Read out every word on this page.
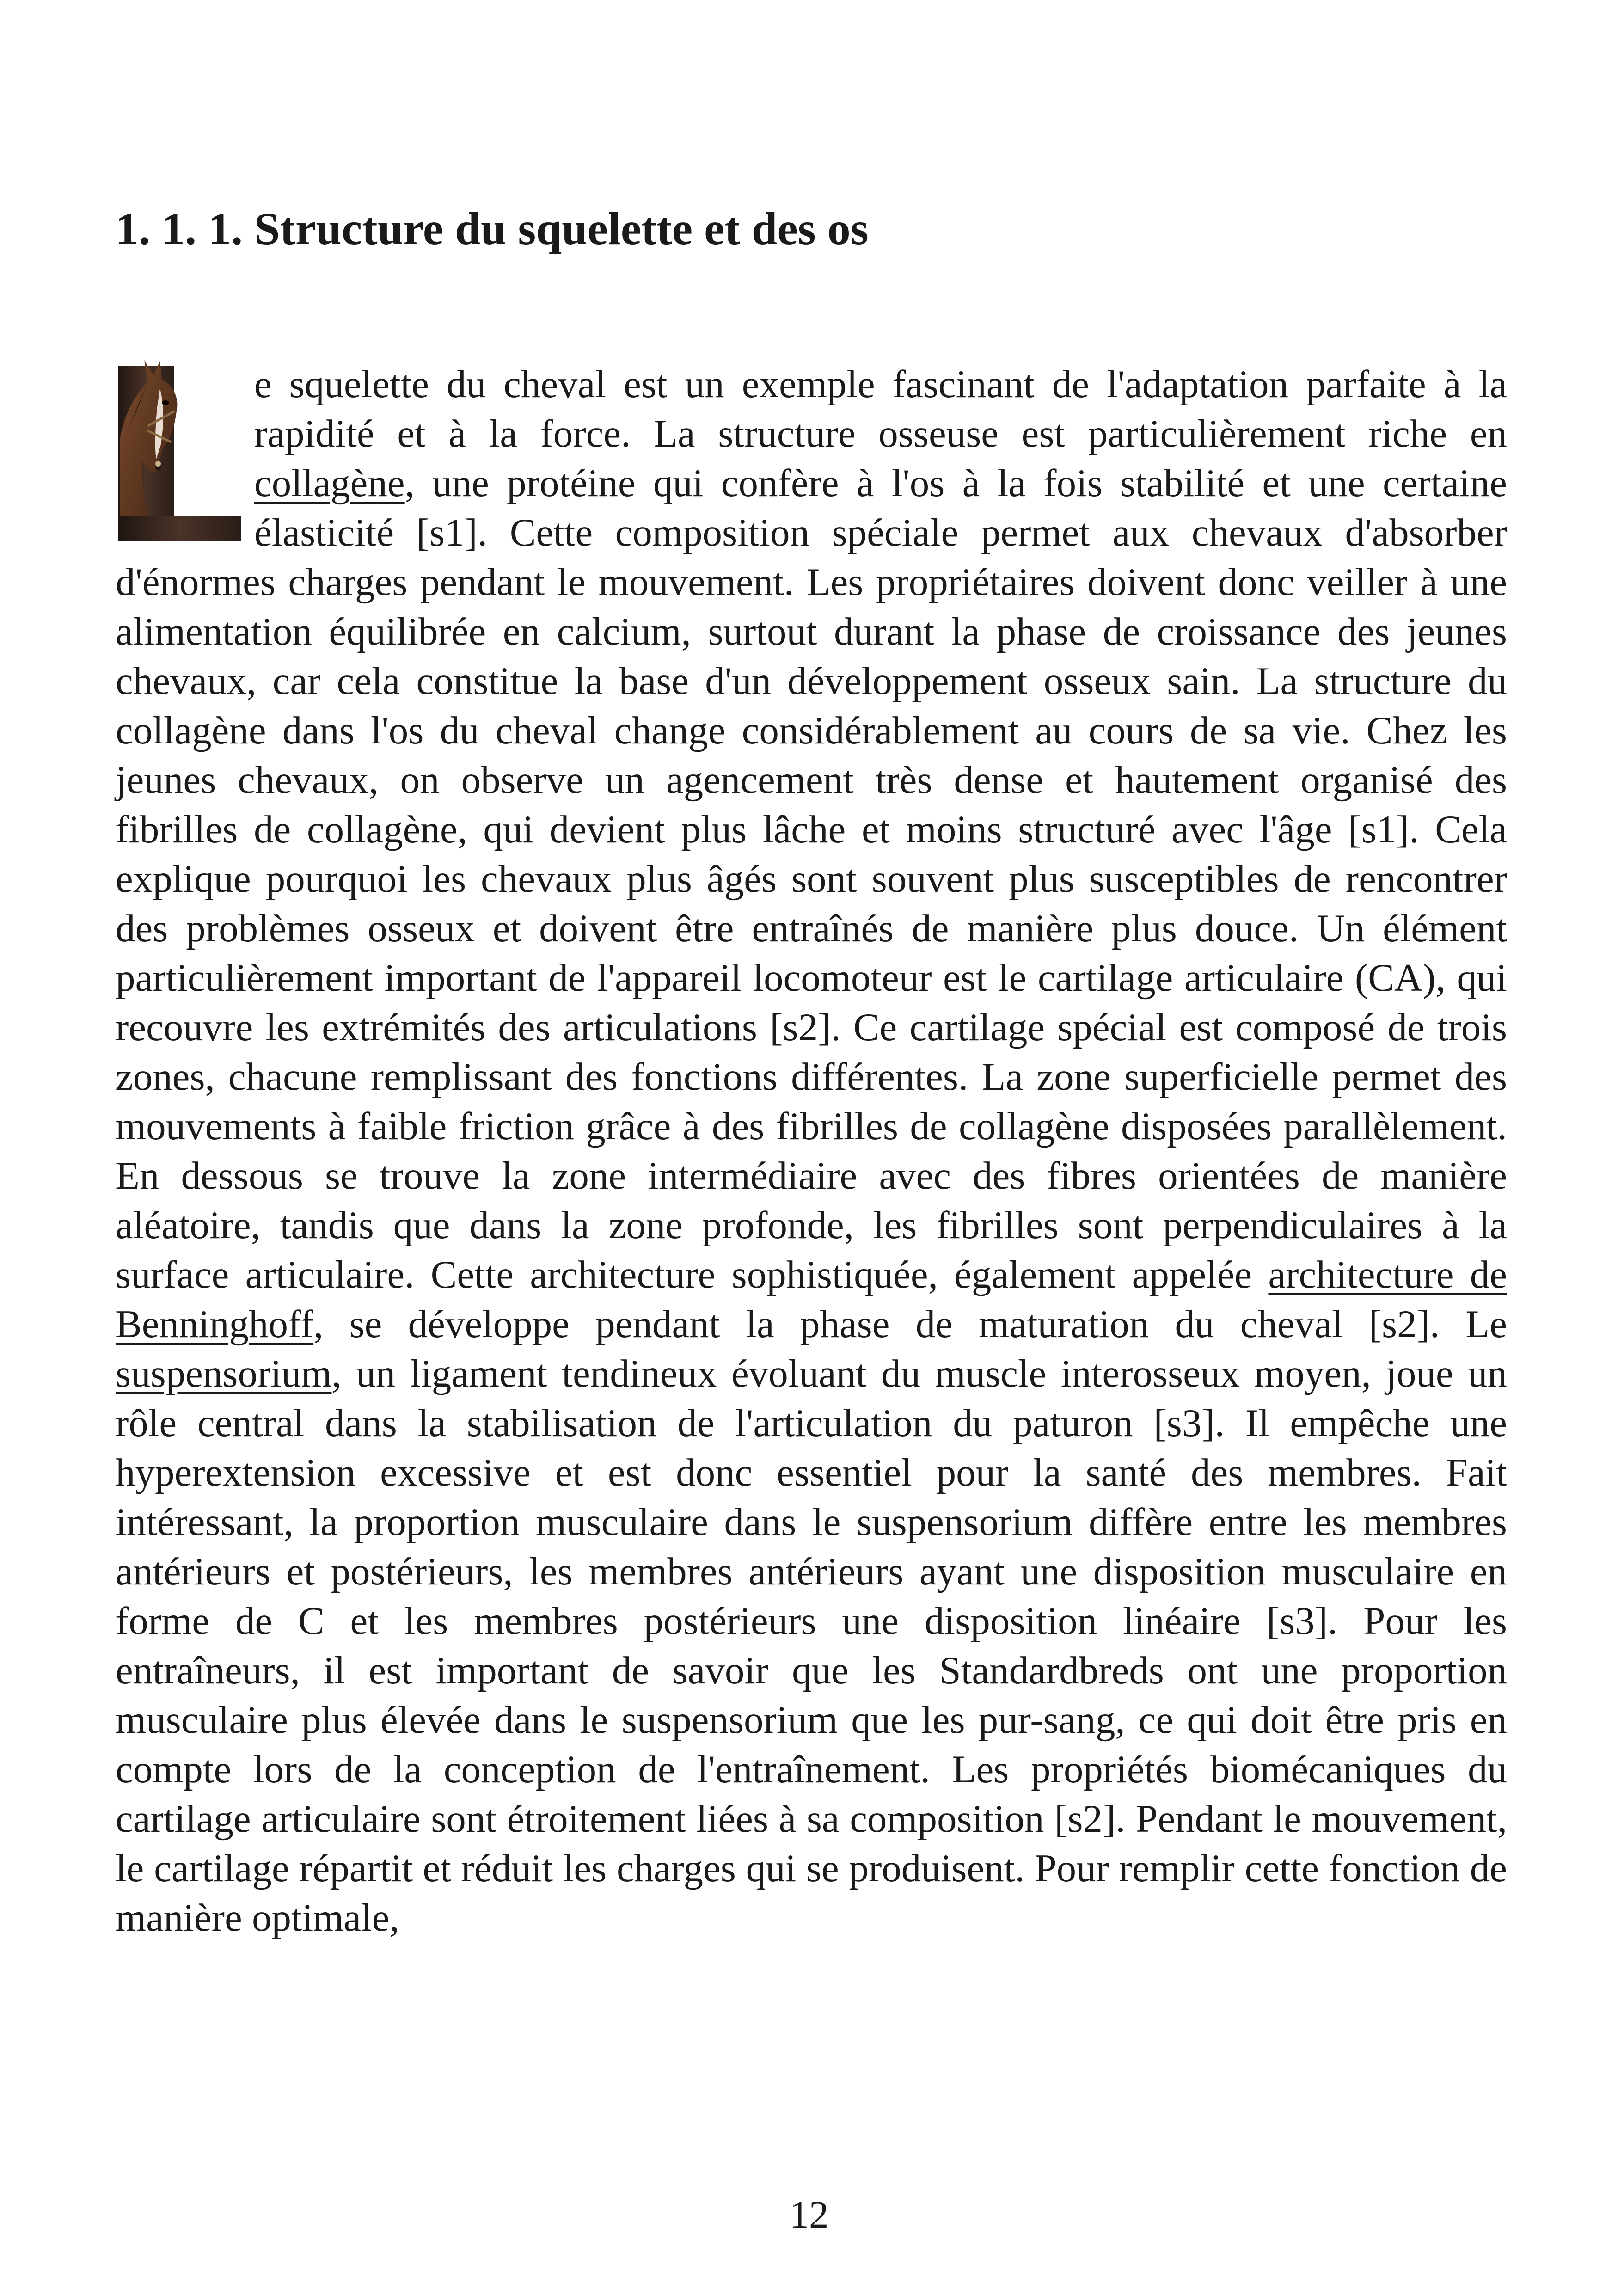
1. 1. 1. Structure du squelette et des os

e squelette du cheval est un exemple fascinant de l'adaptation parfaite à la rapidité et à la force. La structure osseuse est particulièrement riche en collagène, une protéine qui confère à l'os à la fois stabilité et une certaine élasticité [s1]. Cette composition spéciale permet aux chevaux d'absorber d'énormes charges pendant le mouvement. Les propriétaires doivent donc veiller à une alimentation équilibrée en calcium, surtout durant la phase de croissance des jeunes chevaux, car cela constitue la base d'un développement osseux sain. La structure du collagène dans l'os du cheval change considérablement au cours de sa vie. Chez les jeunes chevaux, on observe un agencement très dense et hautement organisé des fibrilles de collagène, qui devient plus lâche et moins structuré avec l'âge [s1]. Cela explique pourquoi les chevaux plus âgés sont souvent plus susceptibles de rencontrer des problèmes osseux et doivent être entraînés de manière plus douce. Un élément particulièrement important de l'appareil locomoteur est le cartilage articulaire (CA), qui recouvre les extrémités des articulations [s2]. Ce cartilage spécial est composé de trois zones, chacune remplissant des fonctions différentes. La zone superficielle permet des mouvements à faible friction grâce à des fibrilles de collagène disposées parallèlement. En dessous se trouve la zone intermédiaire avec des fibres orientées de manière aléatoire, tandis que dans la zone profonde, les fibrilles sont perpendiculaires à la surface articulaire. Cette architecture sophistiquée, également appelée architecture de Benninghoff, se développe pendant la phase de maturation du cheval [s2]. Le suspensorium, un ligament tendineux évoluant du muscle interosseux moyen, joue un rôle central dans la stabilisation de l'articulation du paturon [s3]. Il empêche une hyperextension excessive et est donc essentiel pour la santé des membres. Fait intéressant, la proportion musculaire dans le suspensorium diffère entre les membres antérieurs et postérieurs, les membres antérieurs ayant une disposition musculaire en forme de C et les membres postérieurs une disposition linéaire [s3]. Pour les entraîneurs, il est important de savoir que les Standardbreds ont une proportion musculaire plus élevée dans le suspensorium que les pur-sang, ce qui doit être pris en compte lors de la conception de l'entraînement. Les propriétés biomécaniques du cartilage articulaire sont étroitement liées à sa composition [s2]. Pendant le mouvement, le cartilage répartit et réduit les charges qui se produisent. Pour remplir cette fonction de manière optimale,

12
